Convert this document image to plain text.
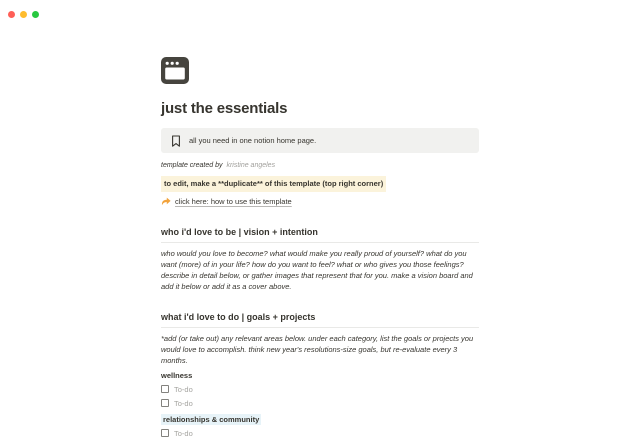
just the essentials
all you need in one notion home page.
template created by kristine angeles
to edit, make a **duplicate** of this template (top right corner)
click here: how to use this template
who i'd love to be | vision + intention
who would you love to become? what would make you really proud of yourself? what do you want (more) of in your life? how do you want to feel? what or who gives you those feelings? describe in detail below, or gather images that represent that for you. make a vision board and add it below or add it as a cover above.
what i'd love to do | goals + projects
*add (or take out) any relevant areas below. under each category, list the goals or projects you would love to accomplish. think new year's resolutions-size goals, but re-evaluate every 3 months.
wellness
To-do
To-do
relationships & community
To-do
